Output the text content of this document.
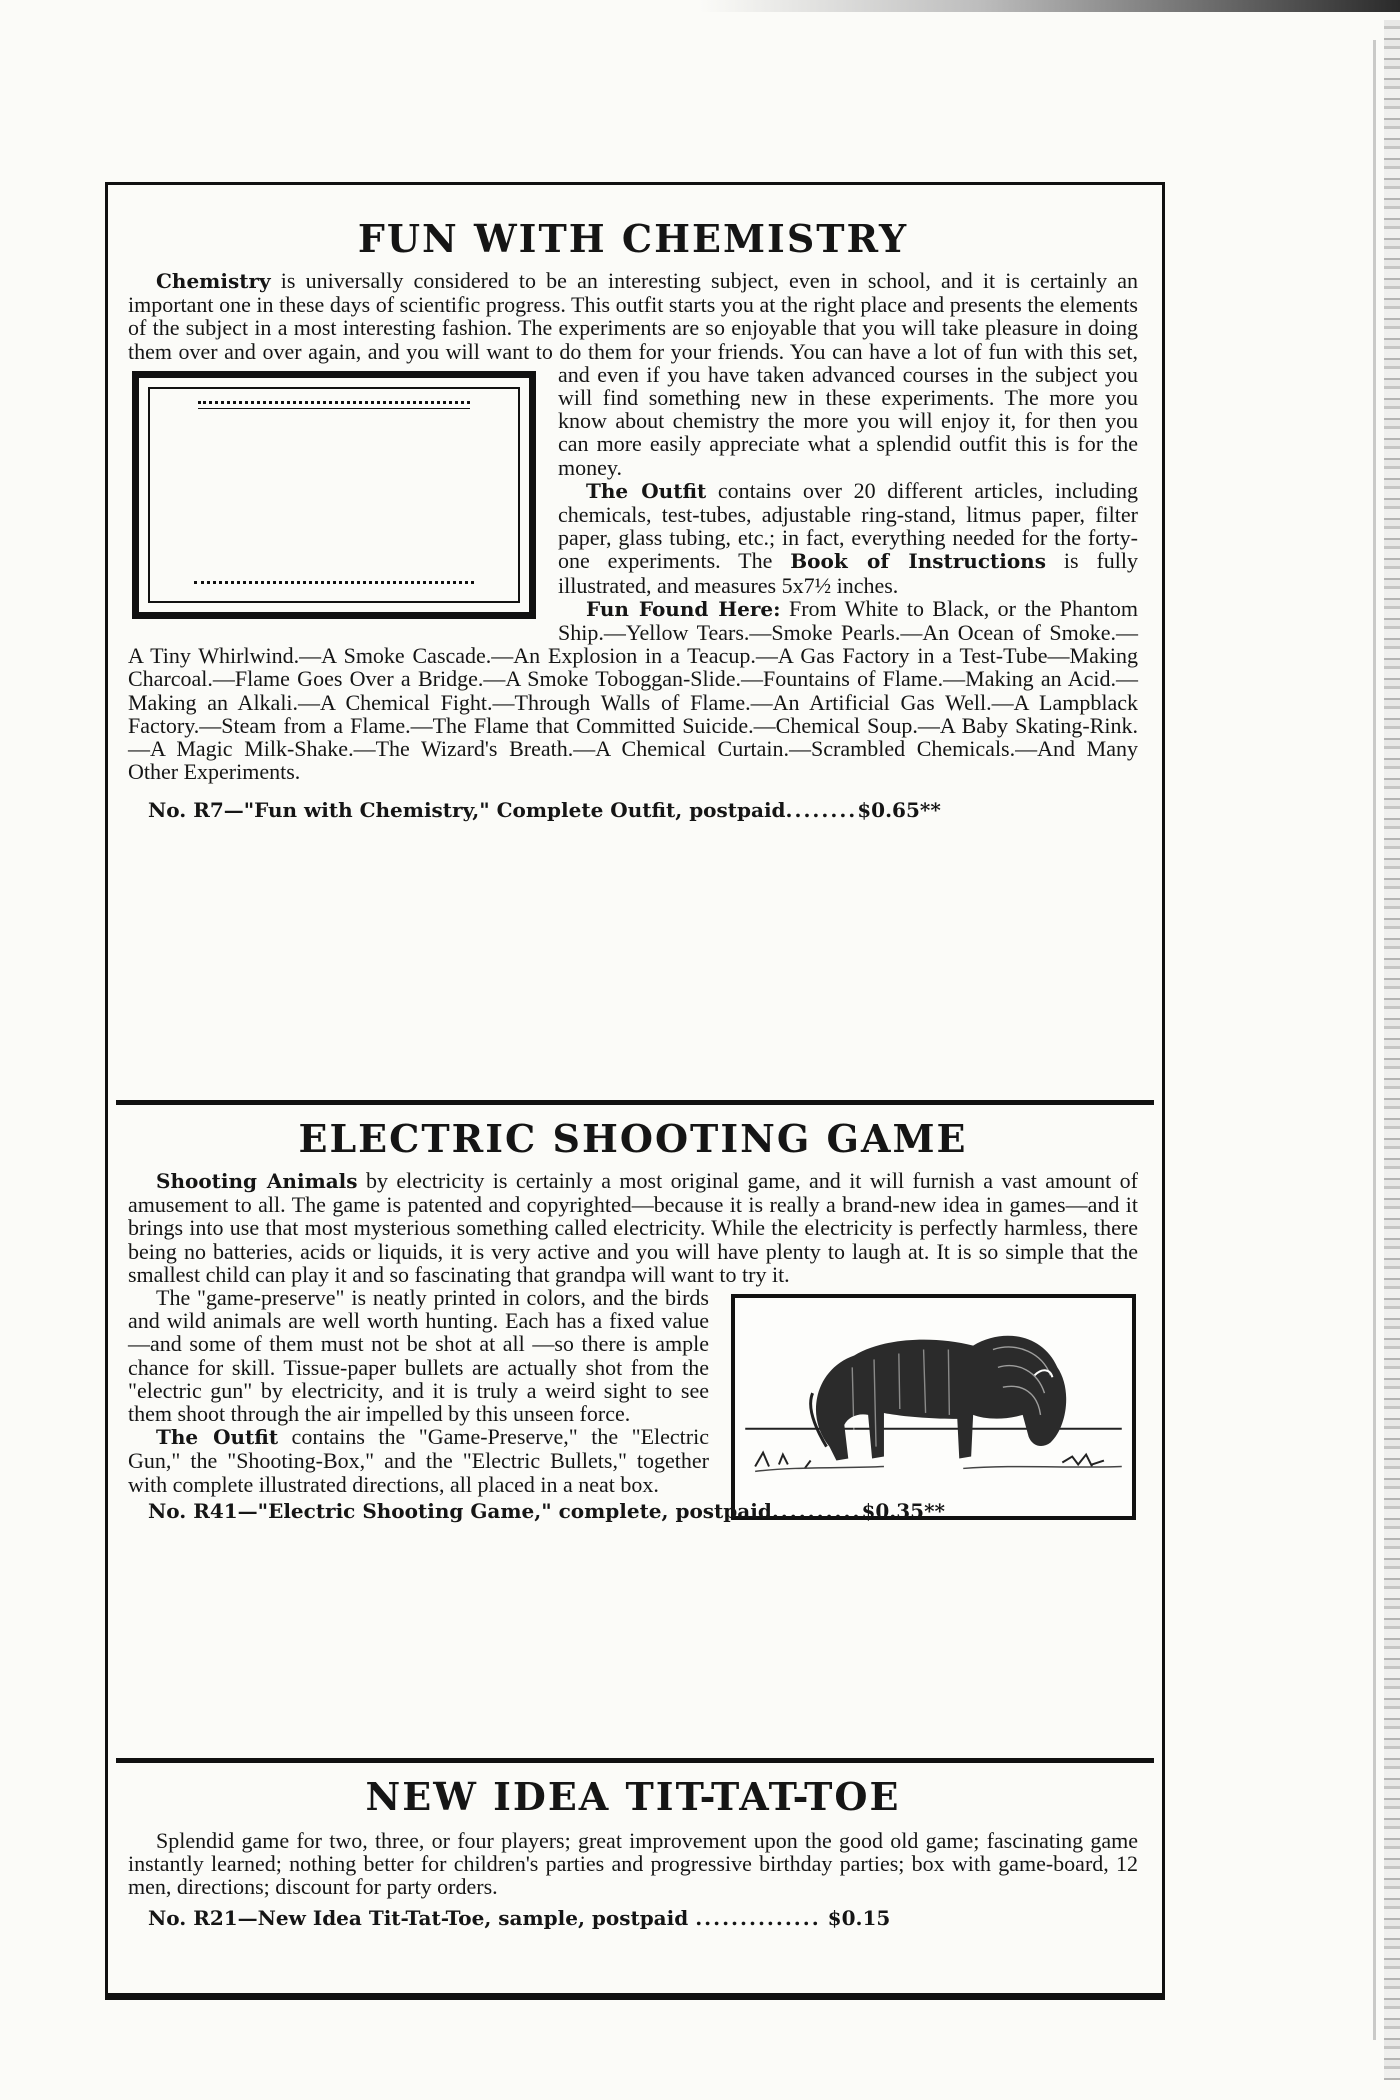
FUN WITH CHEMISTRY

Chemistry is universally considered to be an interesting subject, even in school, and it is certainly an important one in these days of scientific progress. This outfit starts you at the right place and presents the elements of the subject in a most interesting fashion. The experiments are so enjoyable that you will take pleasure in doing them over and over again, and you will want to do them for your friends. You can have a lot of fun
with this set, and even if you have taken advanced courses in the subject you will find something new in these experiments. The more you know about chemistry the more you will enjoy it, for then you can more easily appreciate what a splendid outfit this is for the money.

The Outfit contains over 20 different articles, including chemicals, test-tubes, adjustable ring-stand, litmus paper, filter paper, glass tubing, etc.; in fact, everything needed for the forty-one experiments. The Book of Instructions is fully illustrated, and measures 5x7½ inches.

Fun Found Here: From White to Black, or the Phantom Ship.—Yellow Tears.—Smoke Pearls.—An Ocean of Smoke.—A Tiny Whirlwind.—A Smoke Cascade.—An Explosion in a Teacup.—A Gas Factory in a Test-Tube—Making Charcoal.—Flame Goes Over a Bridge.—A Smoke Toboggan-Slide.—Fountains of Flame.—Making an Acid.—Making an Alkali.—A Chemical Fight.—Through Walls of Flame.—An Artificial Gas Well.—A Lampblack Factory.—Steam from a Flame.—The Flame that Committed Suicide.—Chemical Soup.—A Baby Skating-Rink.—A Magic Milk-Shake.—The Wizard's Breath.—A Chemical Curtain.—Scrambled Chemicals.—And Many Other Experiments.

No. R7—"Fun with Chemistry," Complete Outfit, postpaid........$0.65**

ELECTRIC SHOOTING GAME

Shooting Animals by electricity is certainly a most original game, and it will furnish a vast amount of amusement to all. The game is patented and copyrighted—because it is really a brand-new idea in games—and it brings into use that most mysterious something called electricity. While the electricity is perfectly harmless, there being no batteries, acids or liquids, it is very active and you will have plenty to laugh at. It is so simple that the smallest child can play it and so fascinating that grandpa will want to try it.

The "game-preserve" is neatly printed in colors, and the birds and wild animals are well worth hunting. Each has a fixed value —and some of them must not be shot at all —so there is ample chance for skill. Tissue-paper bullets are actually shot from the "electric gun" by electricity, and it is truly a weird sight to see them shoot through the air impelled by this unseen force.

The Outfit contains the "Game-Preserve," the "Electric Gun," the "Shooting-Box," and the "Electric Bullets," together with complete illustrated directions, all placed in a neat box.

No. R41—"Electric Shooting Game," complete, postpaid..........$0.35**

NEW IDEA TIT-TAT-TOE

Splendid game for two, three, or four players; great improvement upon the good old game; fascinating game instantly learned; nothing better for children's parties and progressive birthday parties; box with game-board, 12 men, directions; discount for party orders.

No. R21—New Idea Tit-Tat-Toe, sample, postpaid .............. $0.15
